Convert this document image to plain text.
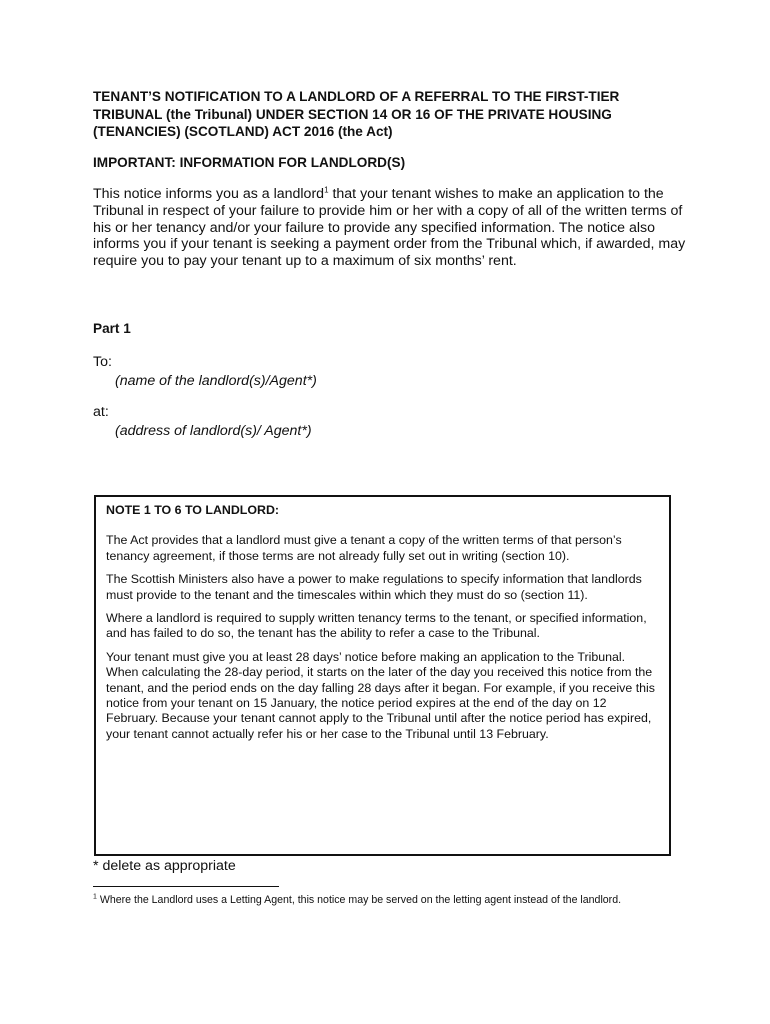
TENANT’S NOTIFICATION TO A LANDLORD OF A REFERRAL TO THE FIRST-TIER TRIBUNAL (the Tribunal) UNDER SECTION 14 OR 16 OF THE PRIVATE HOUSING (TENANCIES) (SCOTLAND) ACT 2016 (the Act)
IMPORTANT: INFORMATION FOR LANDLORD(S)

This notice informs you as a landlord$^1$ that your tenant wishes to make an application to the Tribunal in respect of your failure to provide him or her with a copy of all of the written terms of his or her tenancy and/or your failure to provide any specified information. The notice also informs you if your tenant is seeking a payment order from the Tribunal which, if awarded, may require you to pay your tenant up to a maximum of six months’ rent.

Part 1
To:
(name of the landlord(s)/Agent*)
at:
(address of landlord(s)/ Agent*)
NOTE 1 TO 6 TO LANDLORD:

The Act provides that a landlord must give a tenant a copy of the written terms of that person’s tenancy agreement, if those terms are not already fully set out in writing (section 10).

The Scottish Ministers also have a power to make regulations to specify information that landlords must provide to the tenant and the timescales within which they must do so (section 11).

Where a landlord is required to supply written tenancy terms to the tenant, or specified information, and has failed to do so, the tenant has the ability to refer a case to the Tribunal.

Your tenant must give you at least 28 days’ notice before making an application to the Tribunal. When calculating the 28-day period, it starts on the later of the day you received this notice from the tenant, and the period ends on the day falling 28 days after it began. For example, if you receive this notice from your tenant on 15 January, the notice period expires at the end of the day on 12 February. Because your tenant cannot apply to the Tribunal until after the notice period has expired, your tenant cannot actually refer his or her case to the Tribunal until 13 February.

* delete as appropriate

$^1$ Where the Landlord uses a Letting Agent, this notice may be served on the letting agent instead of the landlord.
